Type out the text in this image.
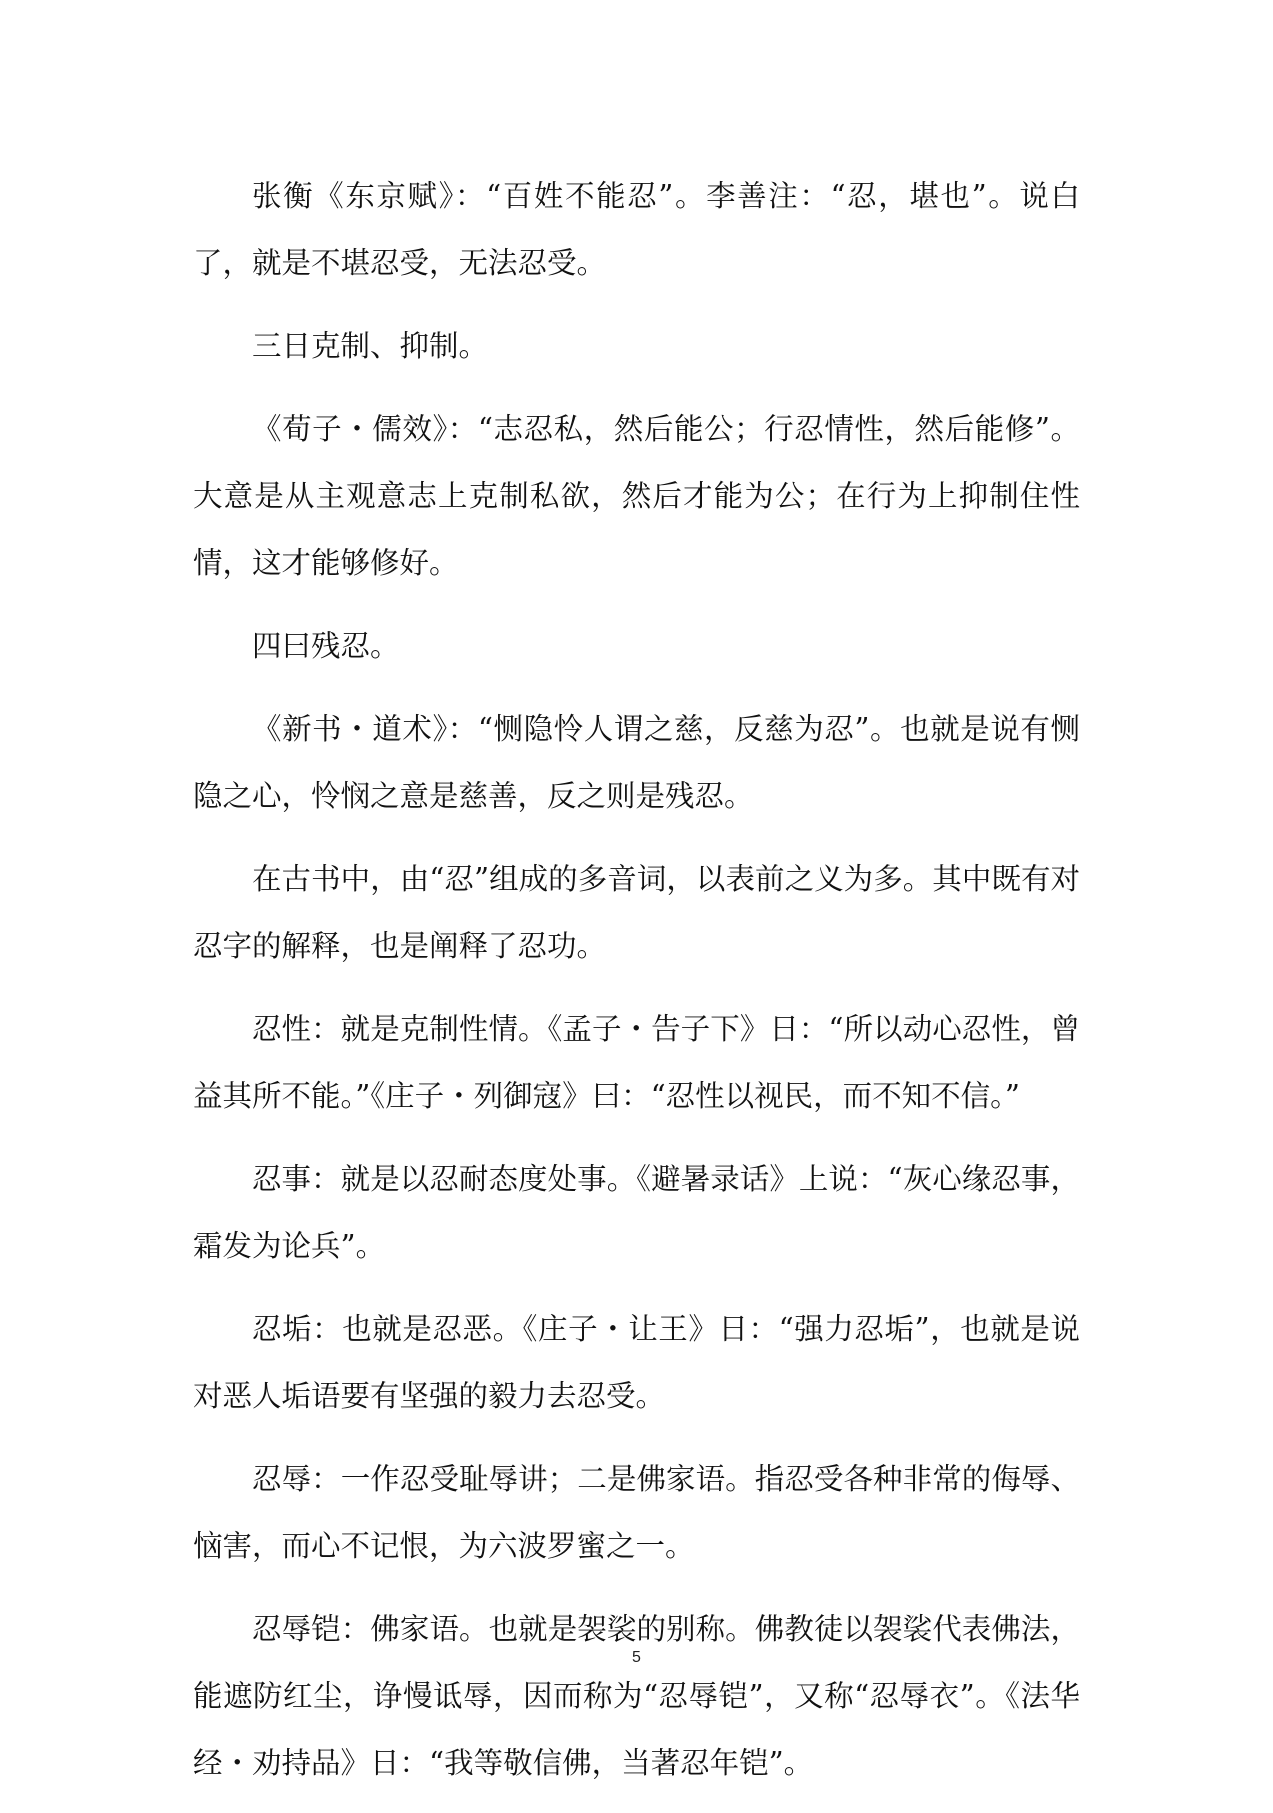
张衡《东京赋》：“百姓不能忍”。李善注：“忍，堪也”。说白了，就是不堪忍受，无法忍受。

三日克制、抑制。

《荀子・儒效》：“志忍私，然后能公；行忍情性，然后能修”。大意是从主观意志上克制私欲，然后才能为公；在行为上抑制住性情，这才能够修好。

四曰残忍。

《新书・道术》：“恻隐怜人谓之慈，反慈为忍”。也就是说有恻隐之心，怜悯之意是慈善，反之则是残忍。

在古书中，由“忍”组成的多音词，以表前之义为多。其中既有对忍字的解释，也是阐释了忍功。

忍性：就是克制性情。《孟子・告子下》日：“所以动心忍性，曾益其所不能。”《庄子・列御寇》曰：“忍性以视民，而不知不信。”

忍事：就是以忍耐态度处事。《避暑录话》上说：“灰心缘忍事，霜发为论兵”。

忍垢：也就是忍恶。《庄子・让王》日：“强力忍垢”，也就是说对恶人垢语要有坚强的毅力去忍受。

忍辱：一作忍受耻辱讲；二是佛家语。指忍受各种非常的侮辱、恼害，而心不记恨，为六波罗蜜之一。

忍辱铠：佛家语。也就是袈裟的别称。佛教徒以袈裟代表佛法，能遮防红尘，诤慢诋辱，因而称为“忍辱铠”，又称“忍辱衣”。《法华经・劝持品》日：“我等敬信佛，当著忍年铠”。

5
